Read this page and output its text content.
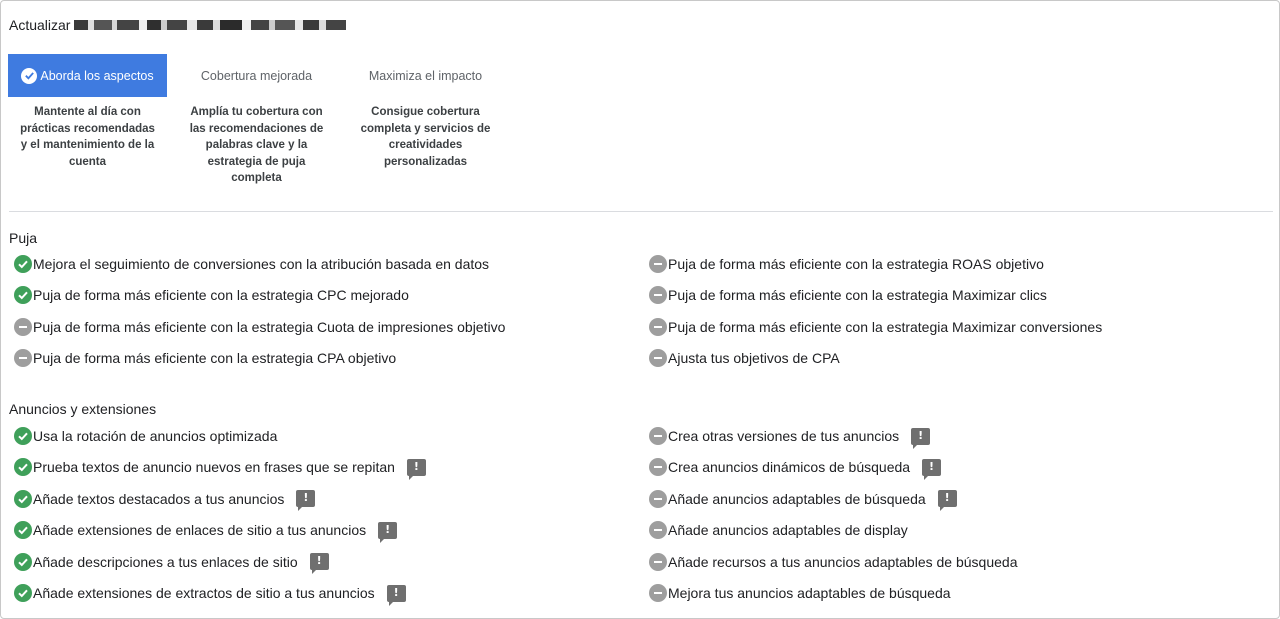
Actualizar
Aborda los aspectos
Mantente al día con prácticas recomendadas y el mantenimiento de la cuenta
Cobertura mejorada
Amplía tu cobertura con las recomendaciones de palabras clave y la estrategia de puja completa
Maximiza el impacto
Consigue cobertura completa y servicios de creatividades personalizadas
Puja
Mejora el seguimiento de conversiones con la atribución basada en datos
Puja de forma más eficiente con la estrategia CPC mejorado
Puja de forma más eficiente con la estrategia Cuota de impresiones objetivo
Puja de forma más eficiente con la estrategia CPA objetivo
Puja de forma más eficiente con la estrategia ROAS objetivo
Puja de forma más eficiente con la estrategia Maximizar clics
Puja de forma más eficiente con la estrategia Maximizar conversiones
Ajusta tus objetivos de CPA
Anuncios y extensiones
Usa la rotación de anuncios optimizada
Prueba textos de anuncio nuevos en frases que se repitan !
Añade textos destacados a tus anuncios !
Añade extensiones de enlaces de sitio a tus anuncios !
Añade descripciones a tus enlaces de sitio !
Añade extensiones de extractos de sitio a tus anuncios !
Crea otras versiones de tus anuncios !
Crea anuncios dinámicos de búsqueda !
Añade anuncios adaptables de búsqueda !
Añade anuncios adaptables de display
Añade recursos a tus anuncios adaptables de búsqueda
Mejora tus anuncios adaptables de búsqueda
